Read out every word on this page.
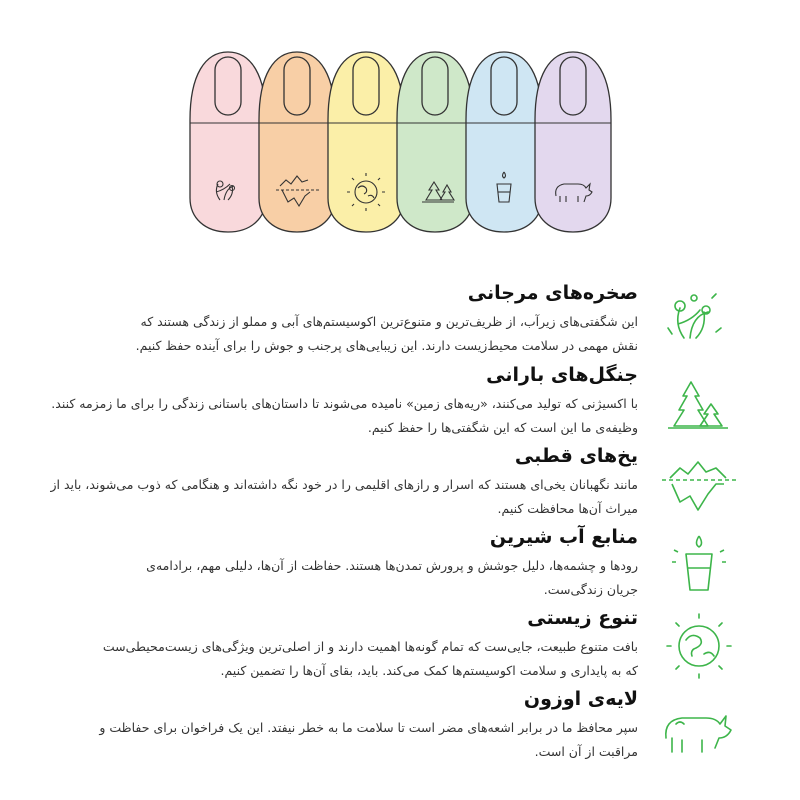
صخره‌های مرجانی

این شگفتی‌های زیرآب، از ظریف‌ترین و متنوع‌ترین اکوسیستم‌های آبی و مملو از زندگی هستند که
نقش مهمی در سلامت محیط‌زیست دارند. این زیبایی‌های پرجنب و جوش را برای آینده حفظ کنیم.

جنگل‌های بارانی

با اکسیژنی که تولید می‌کنند، «ریه‌های زمین» نامیده می‌شوند تا داستان‌های باستانی زندگی را برای ما زمزمه کنند.
وظیفه‌ی ما این است که این شگفتی‌ها را حفظ کنیم.

یخ‌های قطبی

مانند نگهبانان یخی‌ای هستند که اسرار و رازهای اقلیمی را در خود نگه داشته‌اند و هنگامی که ذوب می‌شوند، باید از
میراث آن‌ها محافظت کنیم.

منابع آب شیرین

رودها و چشمه‌ها، دلیل جوشش و پرورش تمدن‌ها هستند. حفاظت از آن‌ها، دلیلی مهم، برادامه‌ی
جریان زندگی‌ست.

تنوع زیستی

بافت متنوع طبیعت، جایی‌ست که تمام گونه‌ها اهمیت دارند و از اصلی‌ترین ویژگی‌های زیست‌محیطی‌ست
که به پایداری و سلامت اکوسیستم‌ها کمک می‌کند. باید، بقای آن‌ها را تضمین کنیم.

لایه‌ی اوزون

سپر محافظ ما در برابر اشعه‌های مضر است تا سلامت ما به خطر نیفتد. این یک فراخوان برای حفاظت و
مراقبت از آن است.
